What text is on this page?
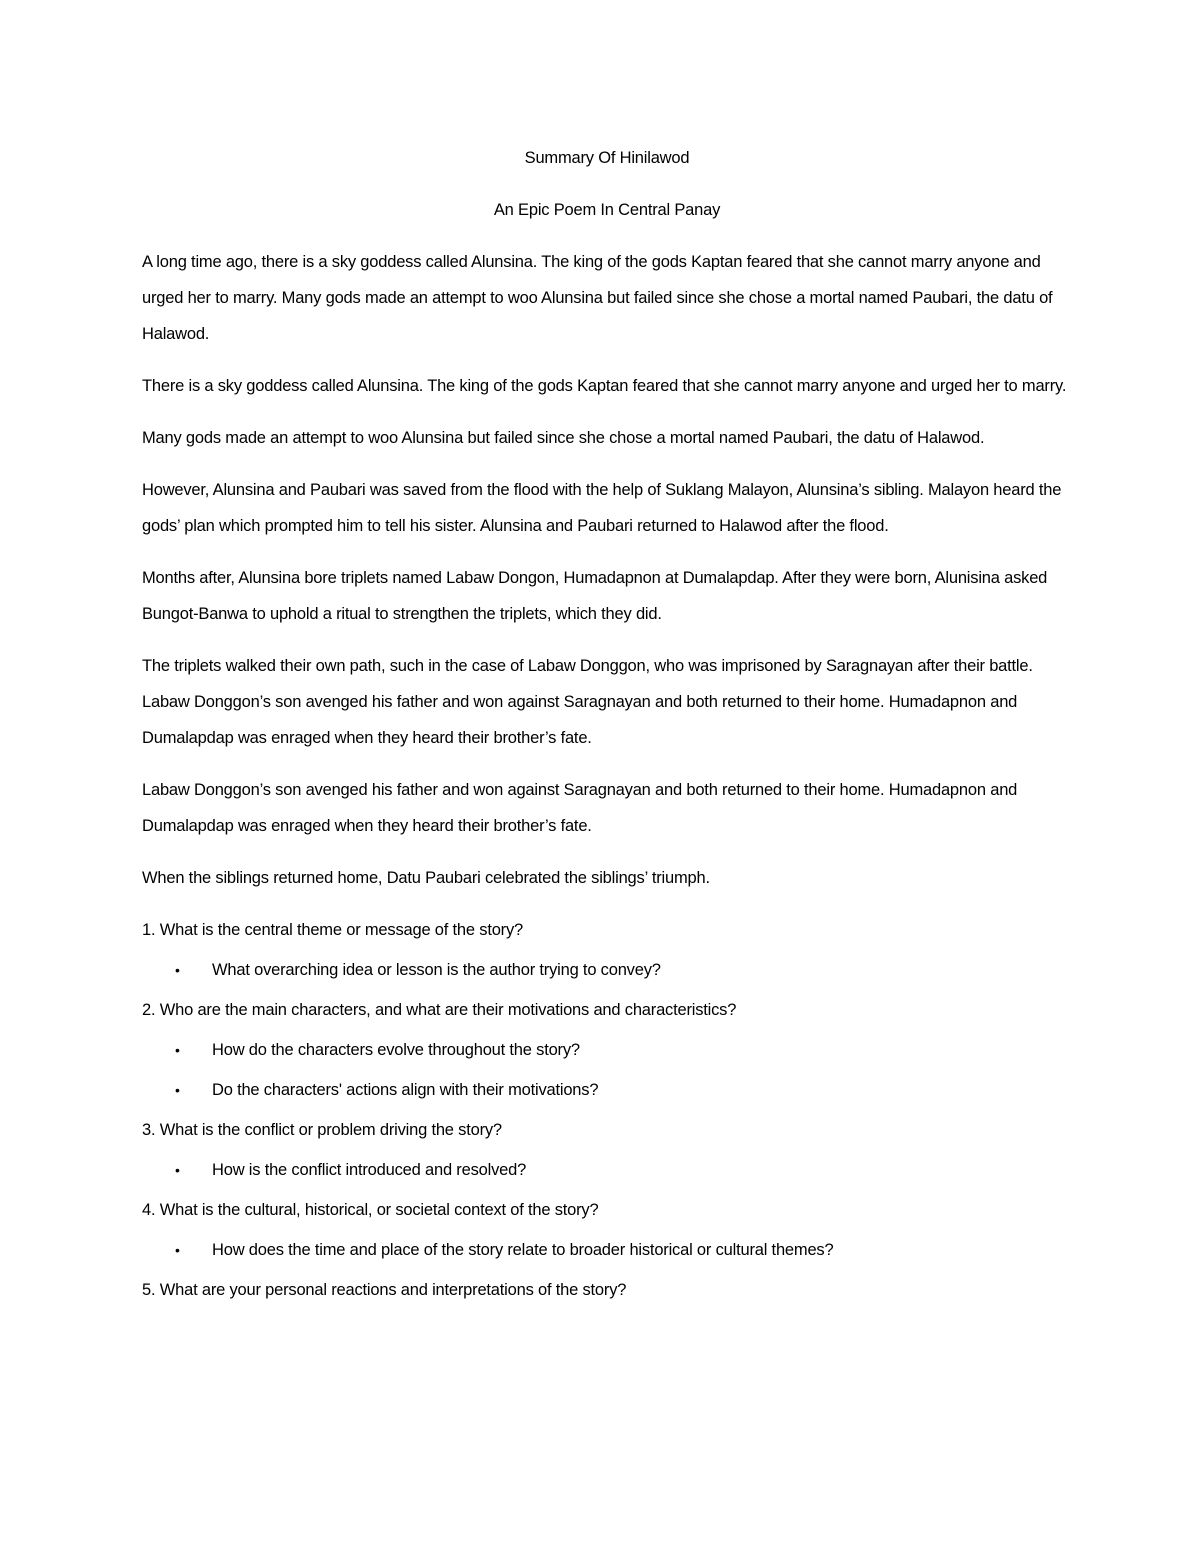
Summary Of Hinilawod

An Epic Poem In Central Panay

A long time ago, there is a sky goddess called Alunsina. The king of the gods Kaptan feared that she cannot marry anyone and urged her to marry. Many gods made an attempt to woo Alunsina but failed since she chose a mortal named Paubari, the datu of Halawod.

There is a sky goddess called Alunsina. The king of the gods Kaptan feared that she cannot marry anyone and urged her to marry.

Many gods made an attempt to woo Alunsina but failed since she chose a mortal named Paubari, the datu of Halawod.

However, Alunsina and Paubari was saved from the flood with the help of Suklang Malayon, Alunsina’s sibling. Malayon heard the gods’ plan which prompted him to tell his sister. Alunsina and Paubari returned to Halawod after the flood.

Months after, Alunsina bore triplets named Labaw Dongon, Humadapnon at Dumalapdap. After they were born, Alunisina asked Bungot-Banwa to uphold a ritual to strengthen the triplets, which they did.

The triplets walked their own path, such in the case of Labaw Donggon, who was imprisoned by Saragnayan after their battle. Labaw Donggon’s son avenged his father and won against Saragnayan and both returned to their home. Humadapnon and Dumalapdap was enraged when they heard their brother’s fate.

Labaw Donggon’s son avenged his father and won against Saragnayan and both returned to their home. Humadapnon and Dumalapdap was enraged when they heard their brother’s fate.

When the siblings returned home, Datu Paubari celebrated the siblings’ triumph.

1. What is the central theme or message of the story?

• What overarching idea or lesson is the author trying to convey?

2. Who are the main characters, and what are their motivations and characteristics?

• How do the characters evolve throughout the story?
• Do the characters' actions align with their motivations?

3. What is the conflict or problem driving the story?

• How is the conflict introduced and resolved?

4. What is the cultural, historical, or societal context of the story?

• How does the time and place of the story relate to broader historical or cultural themes?

5. What are your personal reactions and interpretations of the story?
